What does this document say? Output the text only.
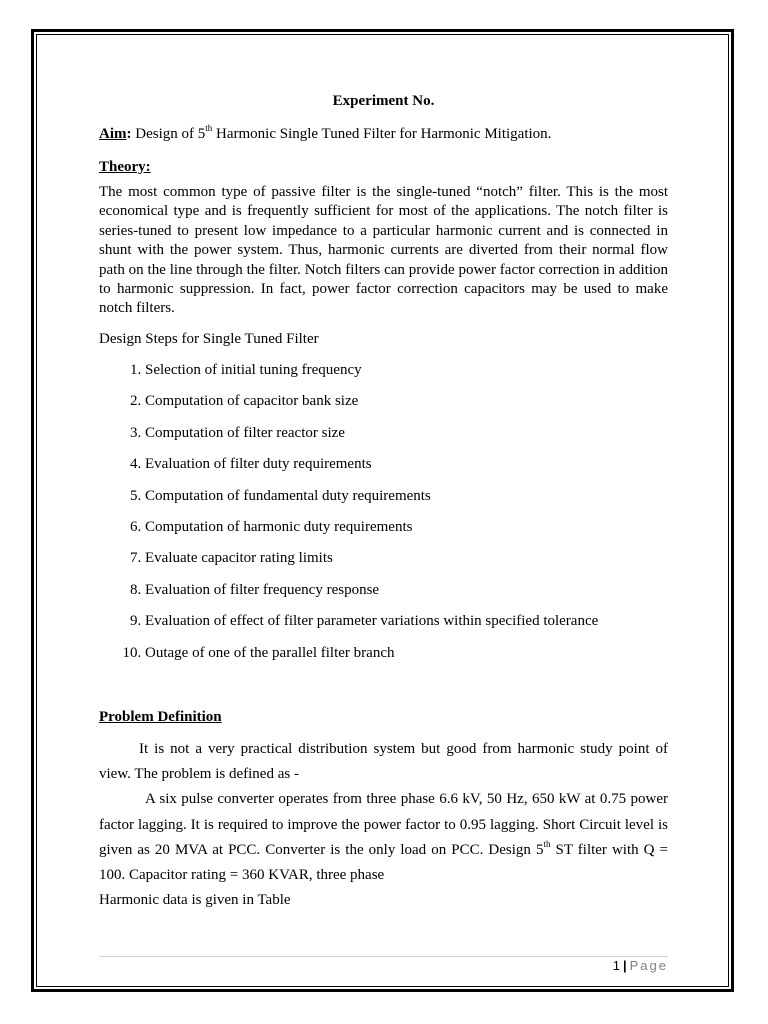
Experiment No.
Aim: Design of 5th Harmonic Single Tuned Filter for Harmonic Mitigation.
Theory:
The most common type of passive filter is the single-tuned “notch” filter. This is the most economical type and is frequently sufficient for most of the applications. The notch filter is series-tuned to present low impedance to a particular harmonic current and is connected in shunt with the power system. Thus, harmonic currents are diverted from their normal flow path on the line through the filter. Notch filters can provide power factor correction in addition to harmonic suppression. In fact, power factor correction capacitors may be used to make notch filters.
Design Steps for Single Tuned Filter
1. Selection of initial tuning frequency
2. Computation of capacitor bank size
3. Computation of filter reactor size
4. Evaluation of filter duty requirements
5. Computation of fundamental duty requirements
6. Computation of harmonic duty requirements
7. Evaluate capacitor rating limits
8. Evaluation of filter frequency response
9. Evaluation of effect of filter parameter variations within specified tolerance
10. Outage of one of the parallel filter branch
Problem Definition

It is not a very practical distribution system but good from harmonic study point of view. The problem is defined as -

A six pulse converter operates from three phase 6.6 kV, 50 Hz, 650 kW at 0.75 power factor lagging. It is required to improve the power factor to 0.95 lagging. Short Circuit level is given as 20 MVA at PCC. Converter is the only load on PCC. Design 5th ST filter with Q = 100. Capacitor rating = 360 KVAR, three phase

Harmonic data is given in Table

1 | Page
